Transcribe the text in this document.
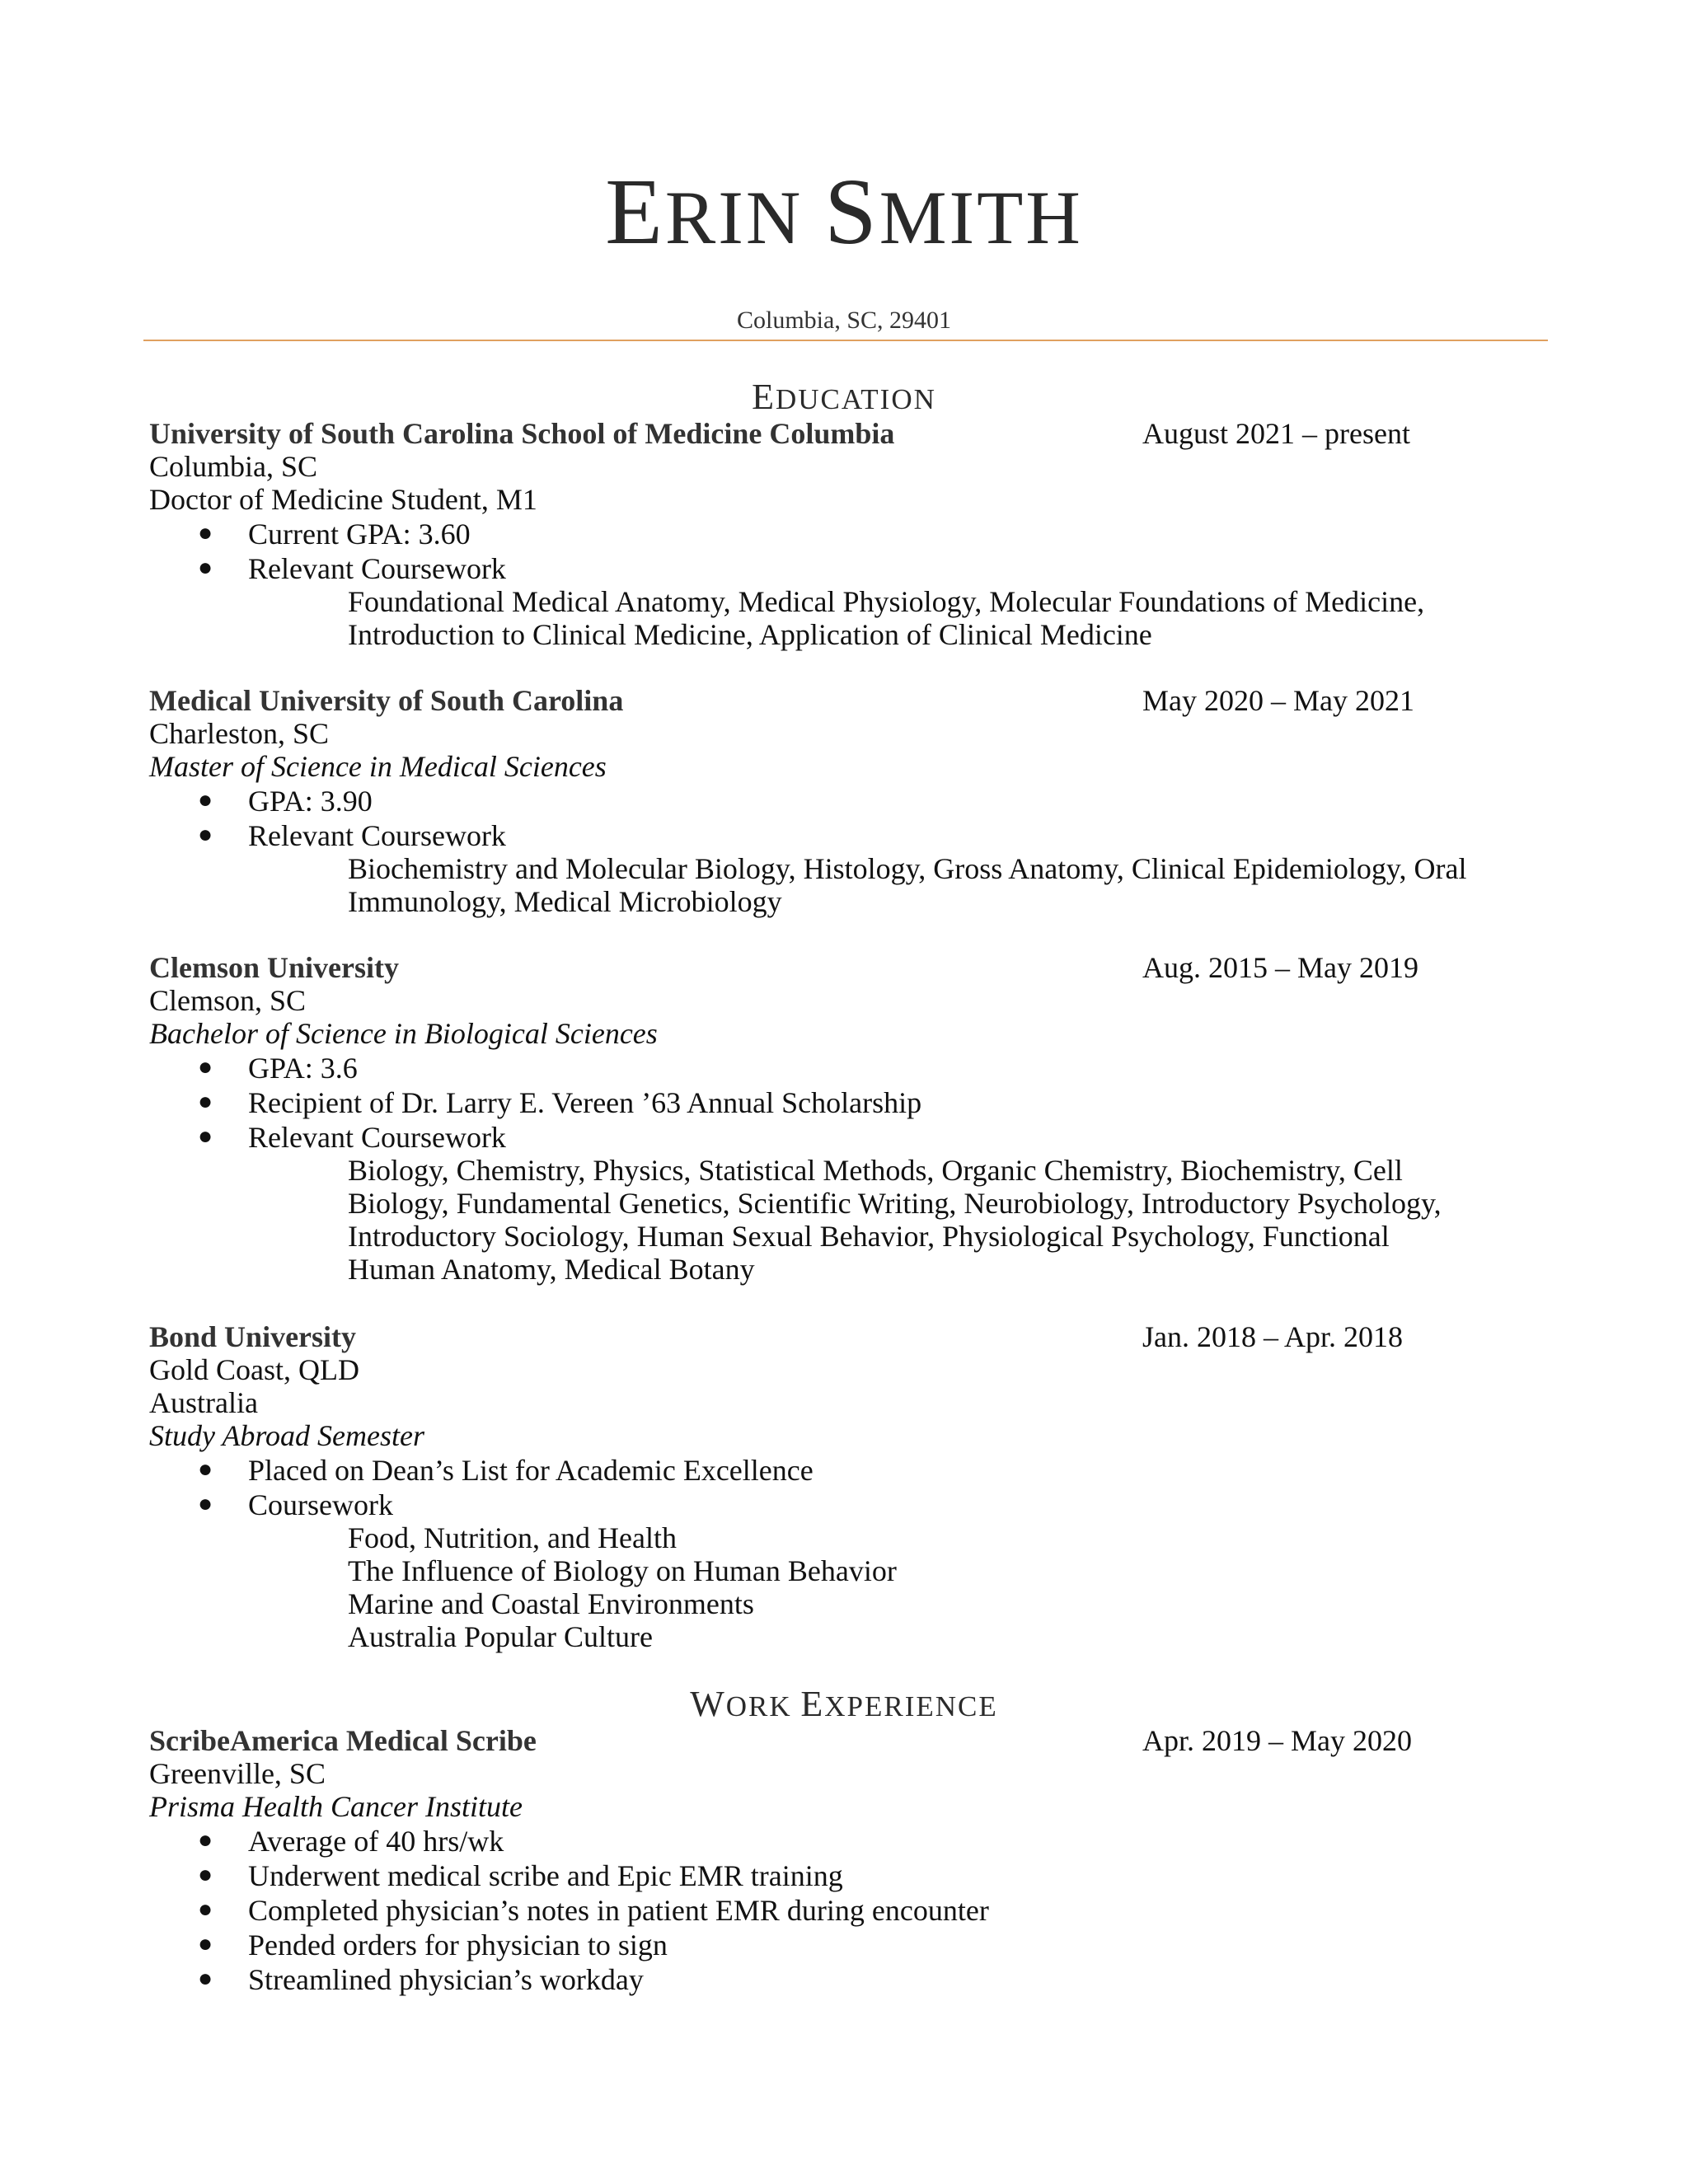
ERIN SMITH
Columbia, SC, 29401
EDUCATION
University of South Carolina School of Medicine Columbia	August 2021 – present
Columbia, SC
Doctor of Medicine Student, M1
● Current GPA: 3.60
● Relevant Coursework
Foundational Medical Anatomy, Medical Physiology, Molecular Foundations of Medicine,
Introduction to Clinical Medicine, Application of Clinical Medicine
Medical University of South Carolina	May 2020 – May 2021
Charleston, SC
Master of Science in Medical Sciences
● GPA: 3.90
● Relevant Coursework
Biochemistry and Molecular Biology, Histology, Gross Anatomy, Clinical Epidemiology, Oral
Immunology, Medical Microbiology
Clemson University	Aug. 2015 – May 2019
Clemson, SC
Bachelor of Science in Biological Sciences
● GPA: 3.6
● Recipient of Dr. Larry E. Vereen ’63 Annual Scholarship
● Relevant Coursework
Biology, Chemistry, Physics, Statistical Methods, Organic Chemistry, Biochemistry, Cell
Biology, Fundamental Genetics, Scientific Writing, Neurobiology, Introductory Psychology,
Introductory Sociology, Human Sexual Behavior, Physiological Psychology, Functional
Human Anatomy, Medical Botany
Bond University	Jan. 2018 – Apr. 2018
Gold Coast, QLD
Australia
Study Abroad Semester
● Placed on Dean’s List for Academic Excellence
● Coursework
Food, Nutrition, and Health
The Influence of Biology on Human Behavior
Marine and Coastal Environments
Australia Popular Culture
WORK EXPERIENCE
ScribeAmerica Medical Scribe	Apr. 2019 – May 2020
Greenville, SC
Prisma Health Cancer Institute
● Average of 40 hrs/wk
● Underwent medical scribe and Epic EMR training
● Completed physician’s notes in patient EMR during encounter
● Pended orders for physician to sign
● Streamlined physician’s workday
